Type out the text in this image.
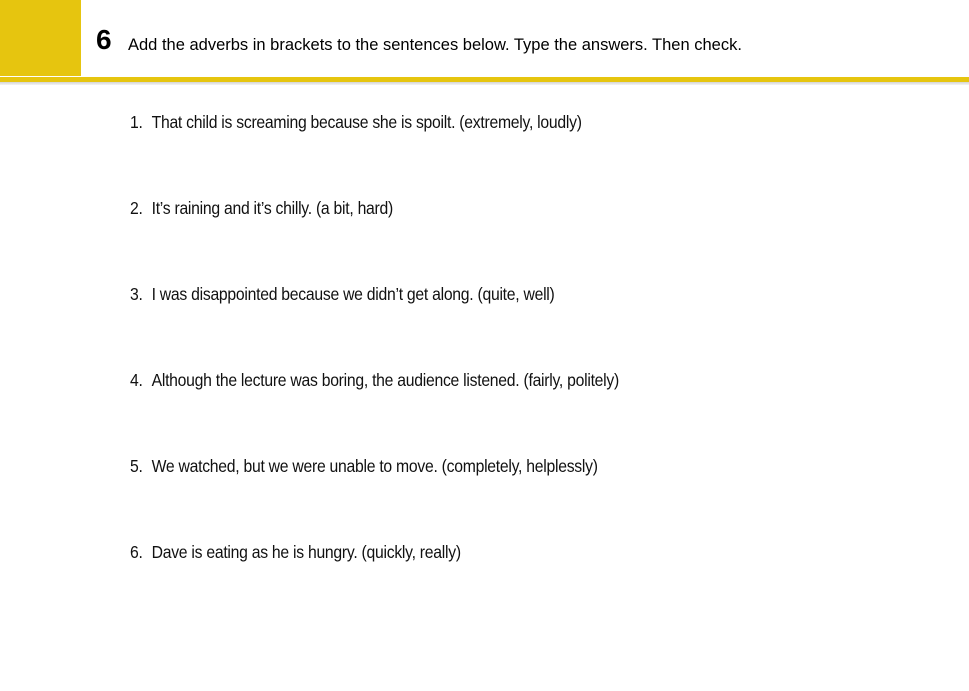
6 Add the adverbs in brackets to the sentences below. Type the answers. Then check.
1. That child is screaming because she is spoilt. (extremely, loudly)
2. It’s raining and it’s chilly. (a bit, hard)
3. I was disappointed because we didn’t get along. (quite, well)
4. Although the lecture was boring, the audience listened. (fairly, politely)
5. We watched, but we were unable to move. (completely, helplessly)
6. Dave is eating as he is hungry. (quickly, really)
